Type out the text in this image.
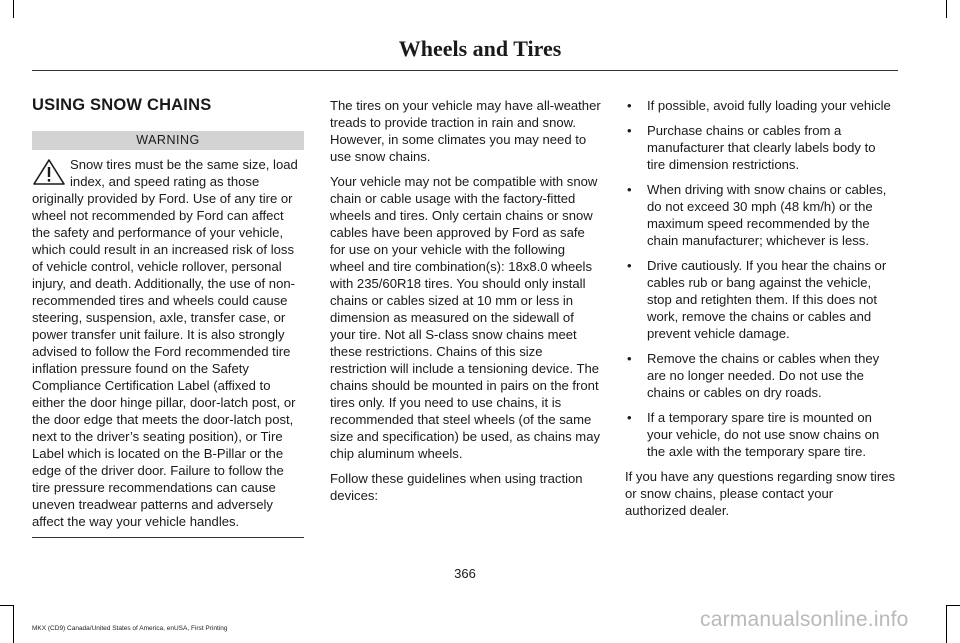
Wheels and Tires
USING SNOW CHAINS
WARNING
Snow tires must be the same size, load index, and speed rating as those originally provided by Ford. Use of any tire or wheel not recommended by Ford can affect the safety and performance of your vehicle, which could result in an increased risk of loss of vehicle control, vehicle rollover, personal injury, and death. Additionally, the use of non-recommended tires and wheels could cause steering, suspension, axle, transfer case, or power transfer unit failure. It is also strongly advised to follow the Ford recommended tire inflation pressure found on the Safety Compliance Certification Label (affixed to either the door hinge pillar, door-latch post, or the door edge that meets the door-latch post, next to the driver’s seating position), or Tire Label which is located on the B-Pillar or the edge of the driver door. Failure to follow the tire pressure recommendations can cause uneven treadwear patterns and adversely affect the way your vehicle handles.

The tires on your vehicle may have all-weather treads to provide traction in rain and snow. However, in some climates you may need to use snow chains.

Your vehicle may not be compatible with snow chain or cable usage with the factory-fitted wheels and tires. Only certain chains or snow cables have been approved by Ford as safe for use on your vehicle with the following wheel and tire combination(s): 18x8.0 wheels with 235/60R18 tires. You should only install chains or cables sized at 10 mm or less in dimension as measured on the sidewall of your tire. Not all S-class snow chains meet these restrictions. Chains of this size restriction will include a tensioning device. The chains should be mounted in pairs on the front tires only. If you need to use chains, it is recommended that steel wheels (of the same size and specification) be used, as chains may chip aluminum wheels.

Follow these guidelines when using traction devices:

• If possible, avoid fully loading your vehicle
• Purchase chains or cables from a manufacturer that clearly labels body to tire dimension restrictions.
• When driving with snow chains or cables, do not exceed 30 mph (48 km/h) or the maximum speed recommended by the chain manufacturer; whichever is less.
• Drive cautiously. If you hear the chains or cables rub or bang against the vehicle, stop and retighten them. If this does not work, remove the chains or cables and prevent vehicle damage.
• Remove the chains or cables when they are no longer needed. Do not use the chains or cables on dry roads.
• If a temporary spare tire is mounted on your vehicle, do not use snow chains on the axle with the temporary spare tire.

If you have any questions regarding snow tires or snow chains, please contact your authorized dealer.

366
MKX (CD9) Canada/United States of America, enUSA, First Printing	carmanualsonline.info
